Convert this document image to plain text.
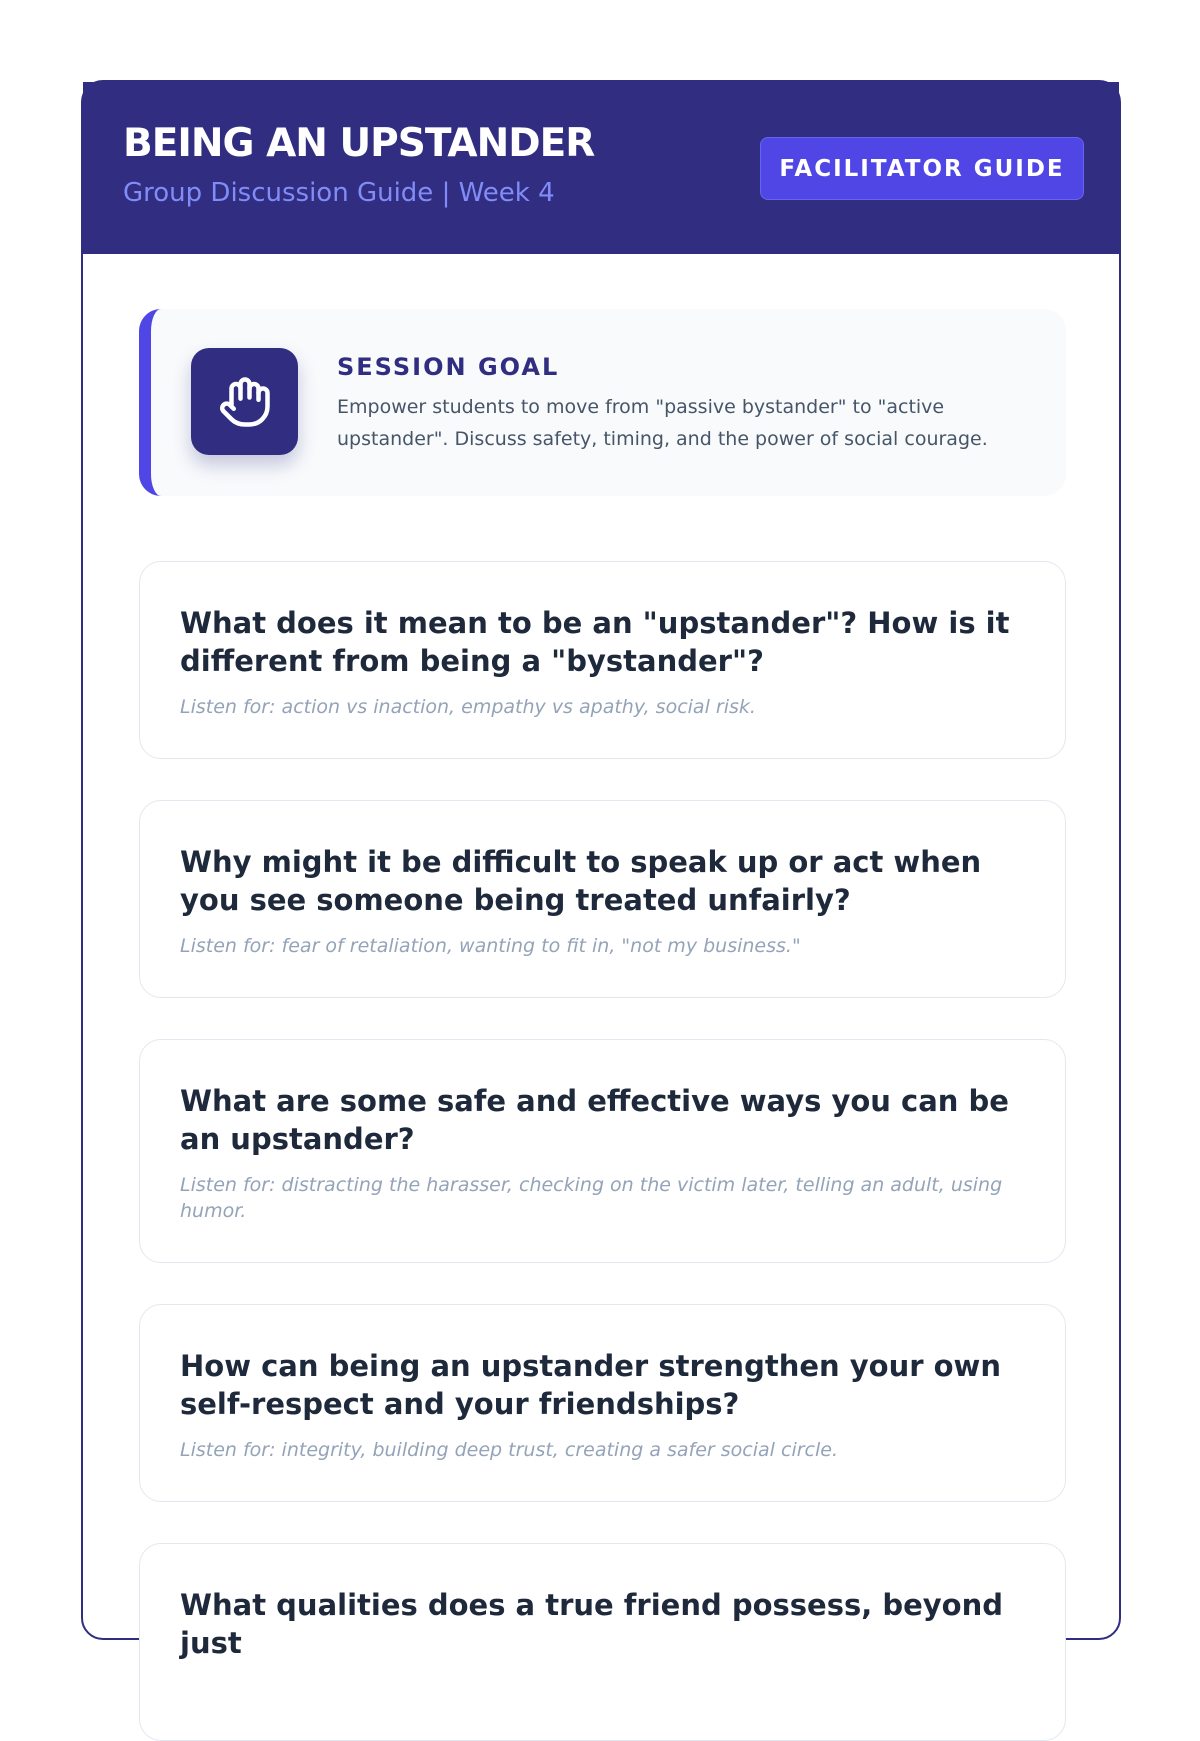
BEING AN UPSTANDER

Group Discussion Guide | Week 4

FACILITATOR GUIDE

SESSION GOAL

Empower students to move from "passive bystander" to "active upstander". Discuss safety, timing, and the power of social courage.

What does it mean to be an "upstander"? How is it different from being a "bystander"?

Listen for: action vs inaction, empathy vs apathy, social risk.

Why might it be difficult to speak up or act when you see someone being treated unfairly?

Listen for: fear of retaliation, wanting to fit in, "not my business."

What are some safe and effective ways you can be an upstander?

Listen for: distracting the harasser, checking on the victim later, telling an adult, using humor.

How can being an upstander strengthen your own self-respect and your friendships?

Listen for: integrity, building deep trust, creating a safer social circle.

What qualities does a true friend possess, beyond just
